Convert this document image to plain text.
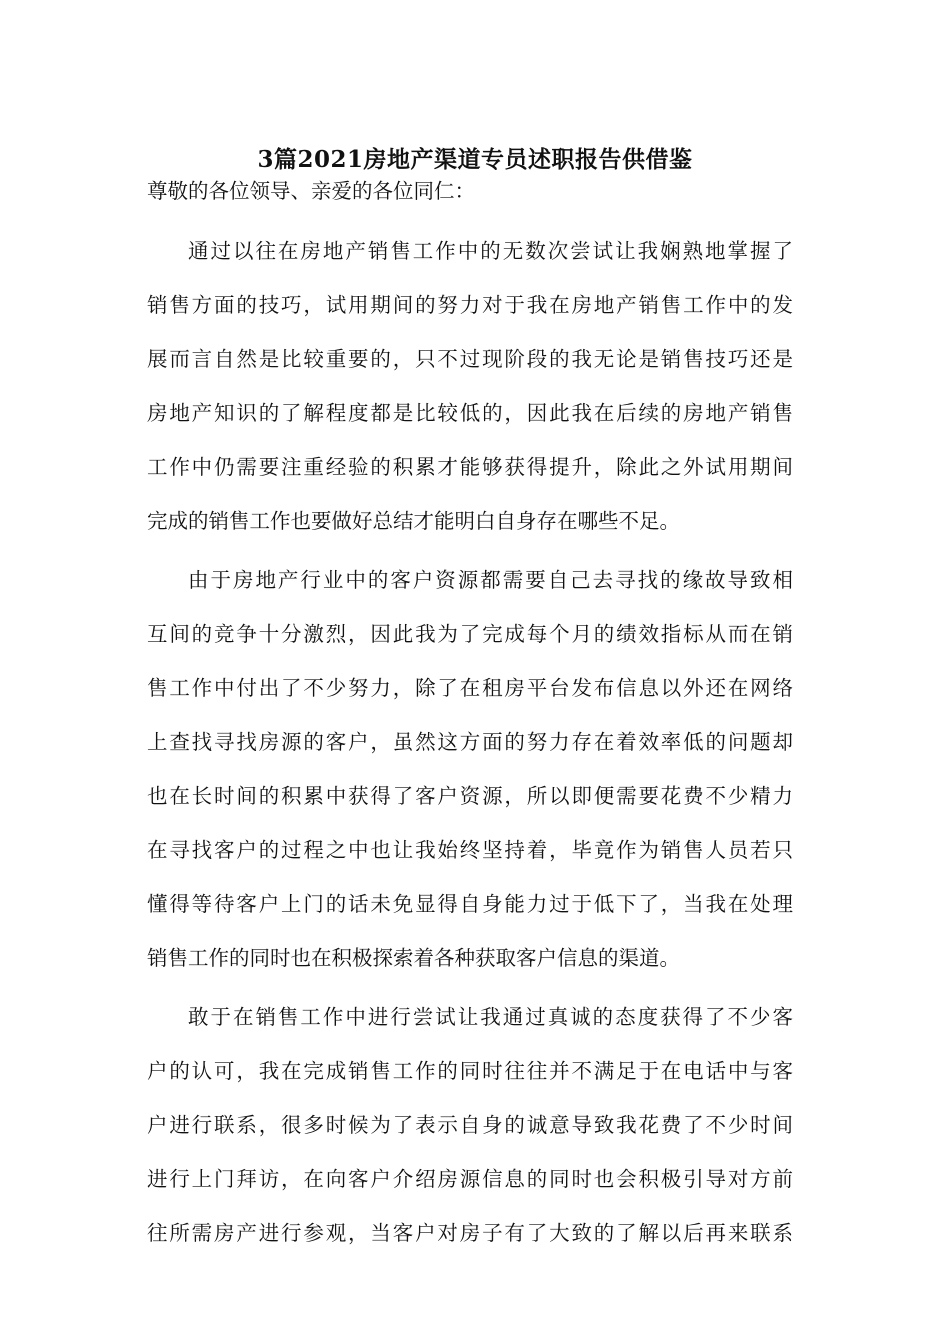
3篇2021房地产渠道专员述职报告供借鉴
尊敬的各位领导、亲爱的各位同仁：
通过以往在房地产销售工作中的无数次尝试让我娴熟地掌握了
销售方面的技巧，试用期间的努力对于我在房地产销售工作中的发
展而言自然是比较重要的，只不过现阶段的我无论是销售技巧还是
房地产知识的了解程度都是比较低的，因此我在后续的房地产销售
工作中仍需要注重经验的积累才能够获得提升，除此之外试用期间
完成的销售工作也要做好总结才能明白自身存在哪些不足。
由于房地产行业中的客户资源都需要自己去寻找的缘故导致相
互间的竞争十分激烈，因此我为了完成每个月的绩效指标从而在销
售工作中付出了不少努力，除了在租房平台发布信息以外还在网络
上查找寻找房源的客户，虽然这方面的努力存在着效率低的问题却
也在长时间的积累中获得了客户资源，所以即便需要花费不少精力
在寻找客户的过程之中也让我始终坚持着，毕竟作为销售人员若只
懂得等待客户上门的话未免显得自身能力过于低下了，当我在处理
销售工作的同时也在积极探索着各种获取客户信息的渠道。
敢于在销售工作中进行尝试让我通过真诚的态度获得了不少客
户的认可，我在完成销售工作的同时往往并不满足于在电话中与客
户进行联系，很多时候为了表示自身的诚意导致我花费了不少时间
进行上门拜访，在向客户介绍房源信息的同时也会积极引导对方前
往所需房产进行参观，当客户对房子有了大致的了解以后再来联系
